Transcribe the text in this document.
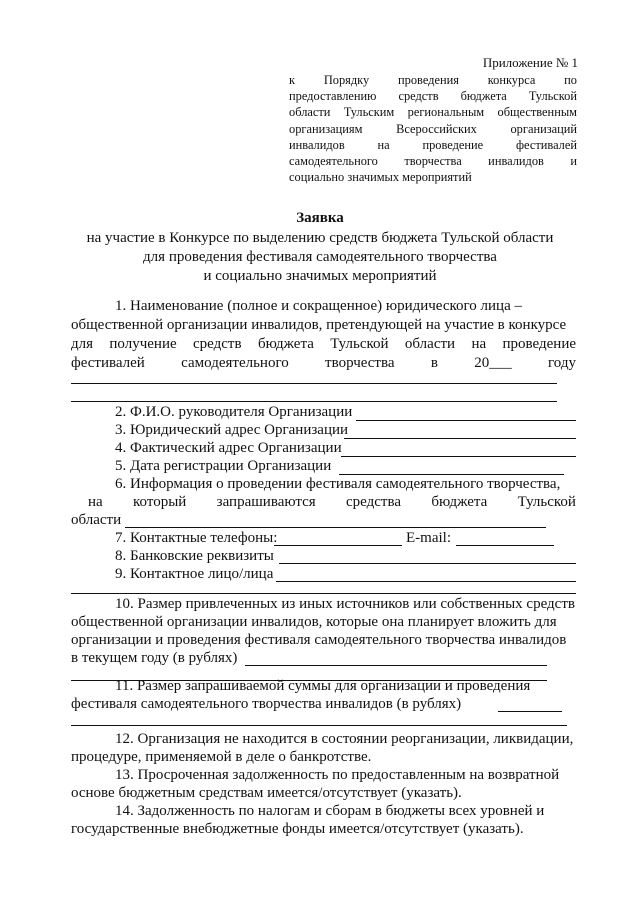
Приложение № 1
к Порядку проведения конкурса по
предоставлению средств бюджета Тульской
области Тульским региональным общественным
организациям Всероссийских организаций
инвалидов на проведение фестивалей
самодеятельного творчества инвалидов и
социально значимых мероприятий
Заявка
на участие в Конкурсе по выделению средств бюджета Тульской области
для проведения фестиваля самодеятельного творчества
и социально значимых мероприятий
1. Наименование (полное и сокращенное) юридического лица –
общественной организации инвалидов, претендующей на участие в конкурсе
для получение средств бюджета Тульской области на проведение
фестивалей самодеятельного творчества в 20___ году
2. Ф.И.О. руководителя Организации
3. Юридический адрес Организации
4. Фактический адрес Организации
5. Дата регистрации Организации
6. Информация о проведении фестиваля самодеятельного творчества,
на который запрашиваются средства бюджета Тульской
области
7. Контактные телефоны:	E-mail:
8. Банковские реквизиты
9. Контактное лицо/лица
10. Размер привлеченных из иных источников или собственных средств
общественной организации инвалидов, которые она планирует вложить для
организации и проведения фестиваля самодеятельного творчества инвалидов
в текущем году (в рублях)
11. Размер запрашиваемой суммы для организации и проведения
фестиваля самодеятельного творчества инвалидов (в рублях)
12. Организация не находится в состоянии реорганизации, ликвидации,
процедуре, применяемой в деле о банкротстве.
13. Просроченная задолженность по предоставленным на возвратной
основе бюджетным средствам имеется/отсутствует (указать).
14. Задолженность по налогам и сборам в бюджеты всех уровней и
государственные внебюджетные фонды имеется/отсутствует (указать).
